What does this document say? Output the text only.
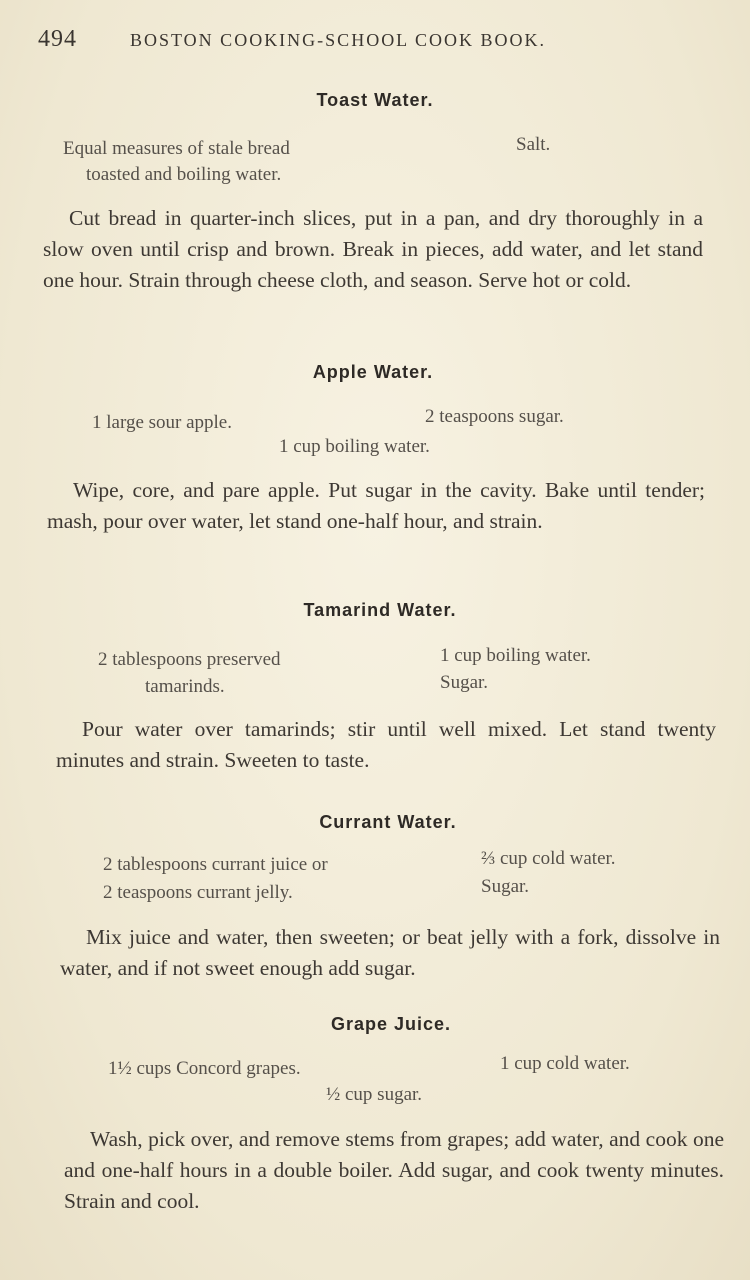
494	BOSTON COOKING-SCHOOL COOK BOOK.
Toast Water.
Equal measures of stale bread
toasted and boiling water.
Salt.

Cut bread in quarter-inch slices, put in a pan, and dry thoroughly in a slow oven until crisp and brown. Break in pieces, add water, and let stand one hour. Strain through cheese cloth, and season. Serve hot or cold.

Apple Water.
1 large sour apple.	2 teaspoons sugar.
1 cup boiling water.

Wipe, core, and pare apple. Put sugar in the cavity. Bake until tender; mash, pour over water, let stand one-half hour, and strain.

Tamarind Water.
2 tablespoons preserved
tamarinds.
1 cup boiling water.
Sugar.

Pour water over tamarinds; stir until well mixed. Let stand twenty minutes and strain. Sweeten to taste.

Currant Water.
2 tablespoons currant juice or
2 teaspoons currant jelly.
⅔ cup cold water.
Sugar.

Mix juice and water, then sweeten; or beat jelly with a fork, dissolve in water, and if not sweet enough add sugar.

Grape Juice.
1½ cups Concord grapes.	1 cup cold water.
½ cup sugar.

Wash, pick over, and remove stems from grapes; add water, and cook one and one-half hours in a double boiler. Add sugar, and cook twenty minutes. Strain and cool.
